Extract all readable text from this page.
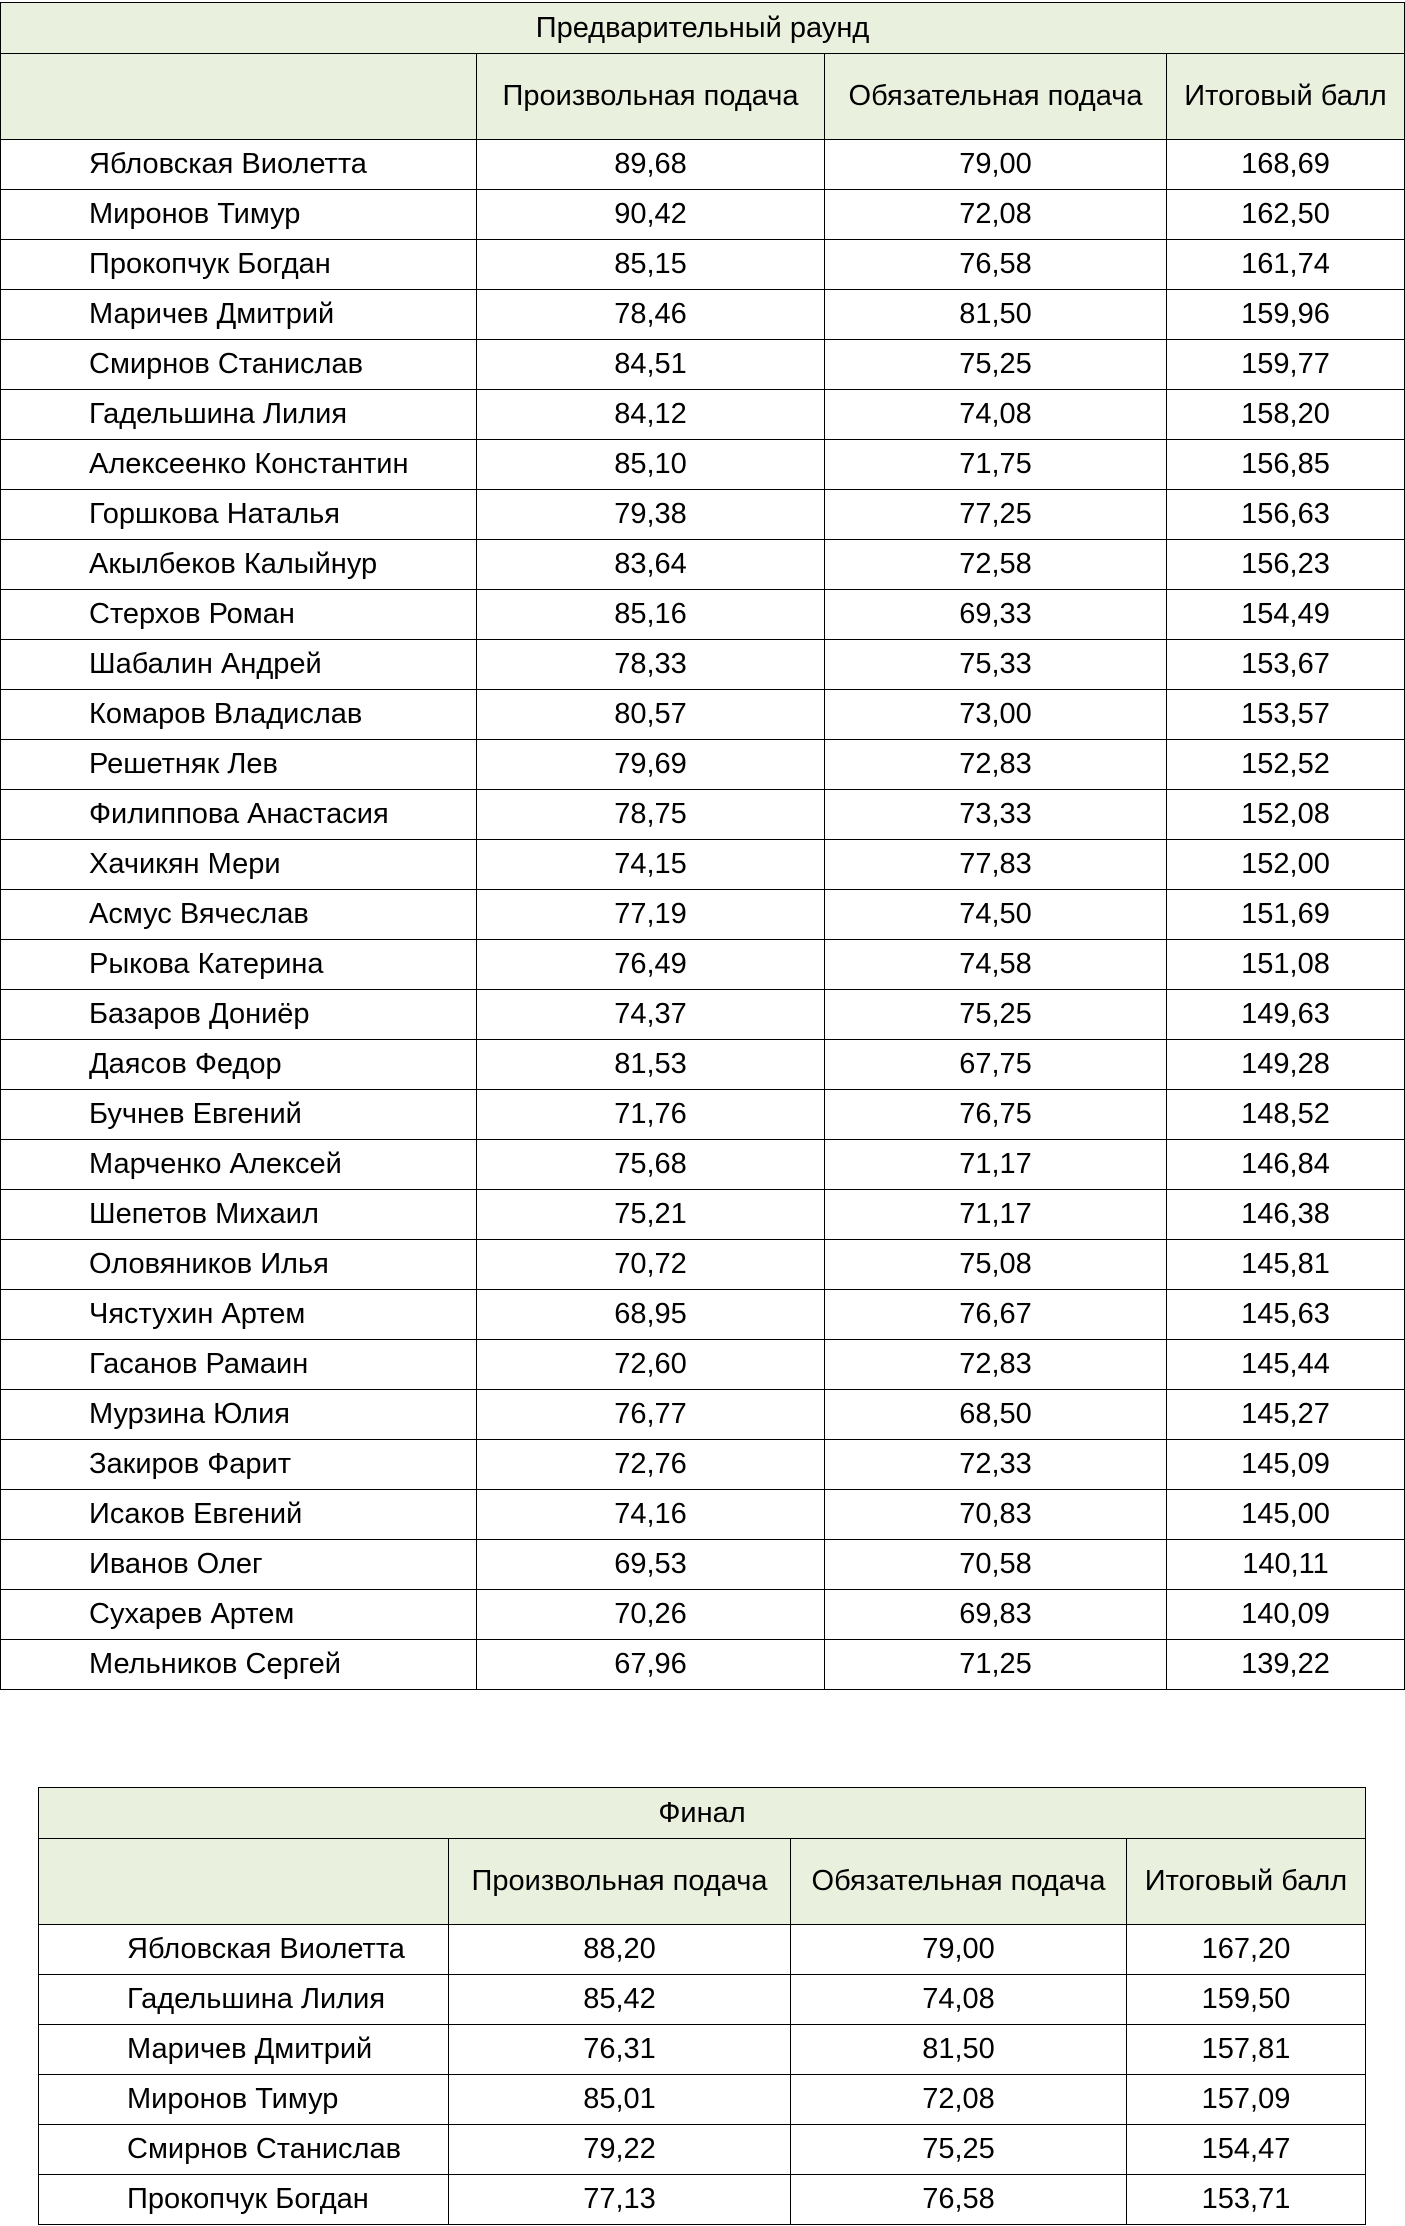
Предварительный раунд			
	Произвольная подача	Обязательная подача	Итоговый балл
Ябловская Виолетта	89,68	79,00	168,69
Миронов Тимур	90,42	72,08	162,50
Прокопчук Богдан	85,15	76,58	161,74
Маричев Дмитрий	78,46	81,50	159,96
Смирнов Станислав	84,51	75,25	159,77
Гадельшина Лилия	84,12	74,08	158,20
Алексеенко Константин	85,10	71,75	156,85
Горшкова Наталья	79,38	77,25	156,63
Акылбеков Калыйнур	83,64	72,58	156,23
Стерхов Роман	85,16	69,33	154,49
Шабалин Андрей	78,33	75,33	153,67
Комаров Владислав	80,57	73,00	153,57
Решетняк Лев	79,69	72,83	152,52
Филиппова Анастасия	78,75	73,33	152,08
Хачикян Мери	74,15	77,83	152,00
Асмус Вячеслав	77,19	74,50	151,69
Рыкова Катерина	76,49	74,58	151,08
Базаров Дониёр	74,37	75,25	149,63
Даясов Федор	81,53	67,75	149,28
Бучнев Евгений	71,76	76,75	148,52
Марченко Алексей	75,68	71,17	146,84
Шепетов Михаил	75,21	71,17	146,38
Оловяников Илья	70,72	75,08	145,81
Чястухин Артем	68,95	76,67	145,63
Гасанов Рамаин	72,60	72,83	145,44
Мурзина Юлия	76,77	68,50	145,27
Закиров Фарит	72,76	72,33	145,09
Исаков Евгений	74,16	70,83	145,00
Иванов Олег	69,53	70,58	140,11
Сухарев Артем	70,26	69,83	140,09
Мельников Сергей	67,96	71,25	139,22
Финал			
	Произвольная подача	Обязательная подача	Итоговый балл
Ябловская Виолетта	88,20	79,00	167,20
Гадельшина Лилия	85,42	74,08	159,50
Маричев Дмитрий	76,31	81,50	157,81
Миронов Тимур	85,01	72,08	157,09
Смирнов Станислав	79,22	75,25	154,47
Прокопчук Богдан	77,13	76,58	153,71
